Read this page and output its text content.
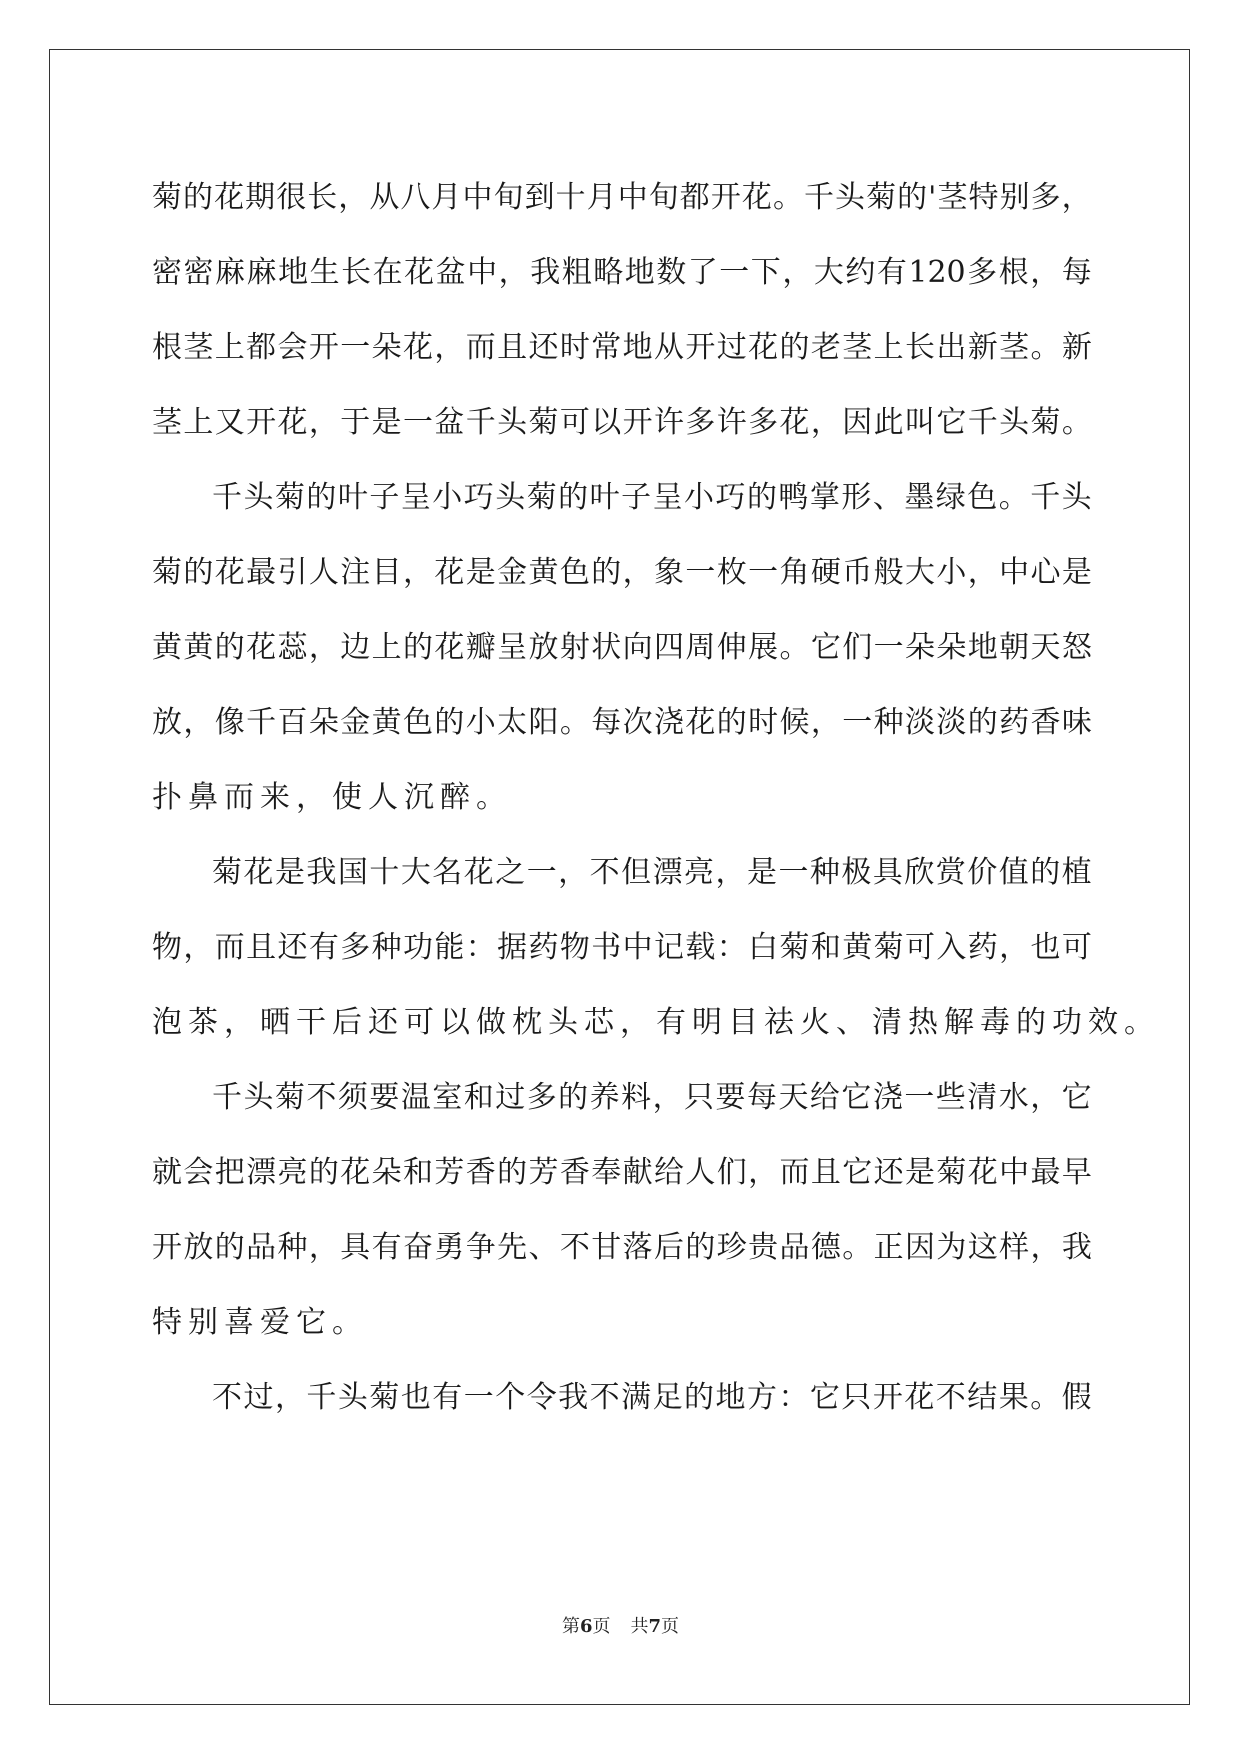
菊 的 花 期 很 长 ， 从 八 月 中 旬 到 十 月 中 旬 都 开 花 。 千 头 菊 的 ' 茎 特 别 多 ，
密 密 麻 麻 地 生 长 在 花 盆 中 ， 我 粗 略 地 数 了 一 下 ， 大 约 有 120 多 根 ， 每
根 茎 上 都 会 开 一 朵 花 ， 而 且 还 时 常 地 从 开 过 花 的 老 茎 上 长 出 新 茎 。 新
茎 上 又 开 花 ， 于 是 一 盆 千 头 菊 可 以 开 许 多 许 多 花 ， 因 此 叫 它 千 头 菊 。
千 头 菊 的 叶 子 呈 小 巧 头 菊 的 叶 子 呈 小 巧 的 鸭 掌 形 、 墨 绿 色 。 千 头
菊 的 花 最 引 人 注 目 ， 花 是 金 黄 色 的 ， 象 一 枚 一 角 硬 币 般 大 小 ， 中 心 是
黄 黄 的 花 蕊 ， 边 上 的 花 瓣 呈 放 射 状 向 四 周 伸 展 。 它 们 一 朵 朵 地 朝 天 怒
放 ， 像 千 百 朵 金 黄 色 的 小 太 阳 。 每 次 浇 花 的 时 候 ， 一 种 淡 淡 的 药 香 味
扑鼻而来，使人沉醉。
菊 花 是 我 国 十 大 名 花 之 一 ， 不 但 漂 亮 ， 是 一 种 极 具 欣 赏 价 值 的 植
物 ， 而 且 还 有 多 种 功 能 ： 据 药 物 书 中 记 载 ： 白 菊 和 黄 菊 可 入 药 ， 也 可
泡茶，晒干后还可以做枕头芯，有明目祛火、清热解毒的功效。
千 头 菊 不 须 要 温 室 和 过 多 的 养 料 ， 只 要 每 天 给 它 浇 一 些 清 水 ， 它
就 会 把 漂 亮 的 花 朵 和 芳 香 的 芳 香 奉 献 给 人 们 ， 而 且 它 还 是 菊 花 中 最 早
开 放 的 品 种 ， 具 有 奋 勇 争 先 、 不 甘 落 后 的 珍 贵 品 德 。 正 因 为 这 样 ， 我
特别喜爱它。
不 过 ， 千 头 菊 也 有 一 个 令 我 不 满 足 的 地 方 ： 它 只 开 花 不 结 果 。 假
第6页 共7页
